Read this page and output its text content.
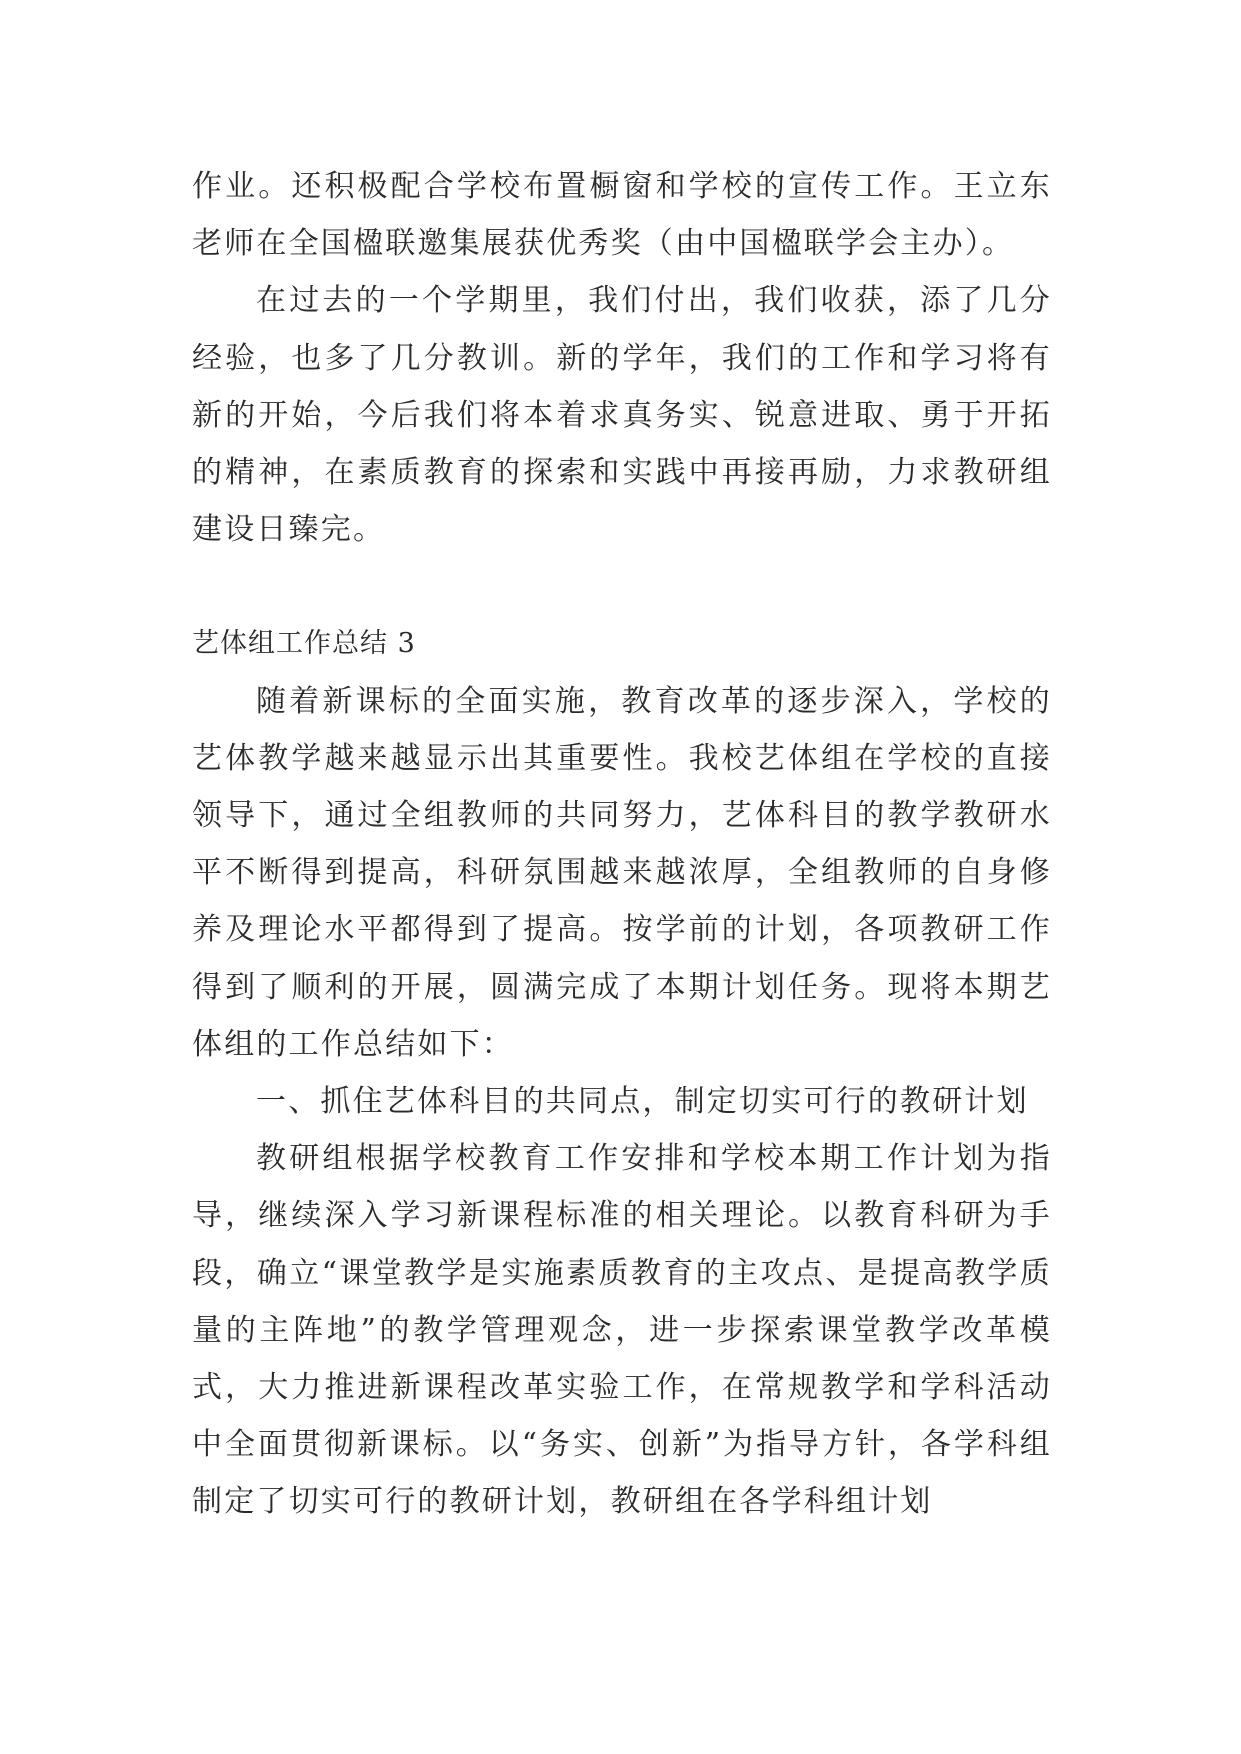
作业。还积极配合学校布置橱窗和学校的宣传工作。王立东老师在全国楹联邀集展获优秀奖（由中国楹联学会主办）。

在过去的一个学期里，我们付出，我们收获，添了几分经验，也多了几分教训。新的学年，我们的工作和学习将有新的开始，今后我们将本着求真务实、锐意进取、勇于开拓的精神，在素质教育的探索和实践中再接再励，力求教研组建设日臻完。

艺体组工作总结 3

随着新课标的全面实施，教育改革的逐步深入，学校的艺体教学越来越显示出其重要性。我校艺体组在学校的直接领导下，通过全组教师的共同努力，艺体科目的教学教研水平不断得到提高，科研氛围越来越浓厚，全组教师的自身修养及理论水平都得到了提高。按学前的计划，各项教研工作得到了顺利的开展，圆满完成了本期计划任务。现将本期艺体组的工作总结如下：

一、抓住艺体科目的共同点，制定切实可行的教研计划

教研组根据学校教育工作安排和学校本期工作计划为指导，继续深入学习新课程标准的相关理论。以教育科研为手段，确立“课堂教学是实施素质教育的主攻点、是提高教学质量的主阵地”的教学管理观念，进一步探索课堂教学改革模式，大力推进新课程改革实验工作，在常规教学和学科活动中全面贯彻新课标。以“务实、创新”为指导方针，各学科组制定了切实可行的教研计划，教研组在各学科组计划
